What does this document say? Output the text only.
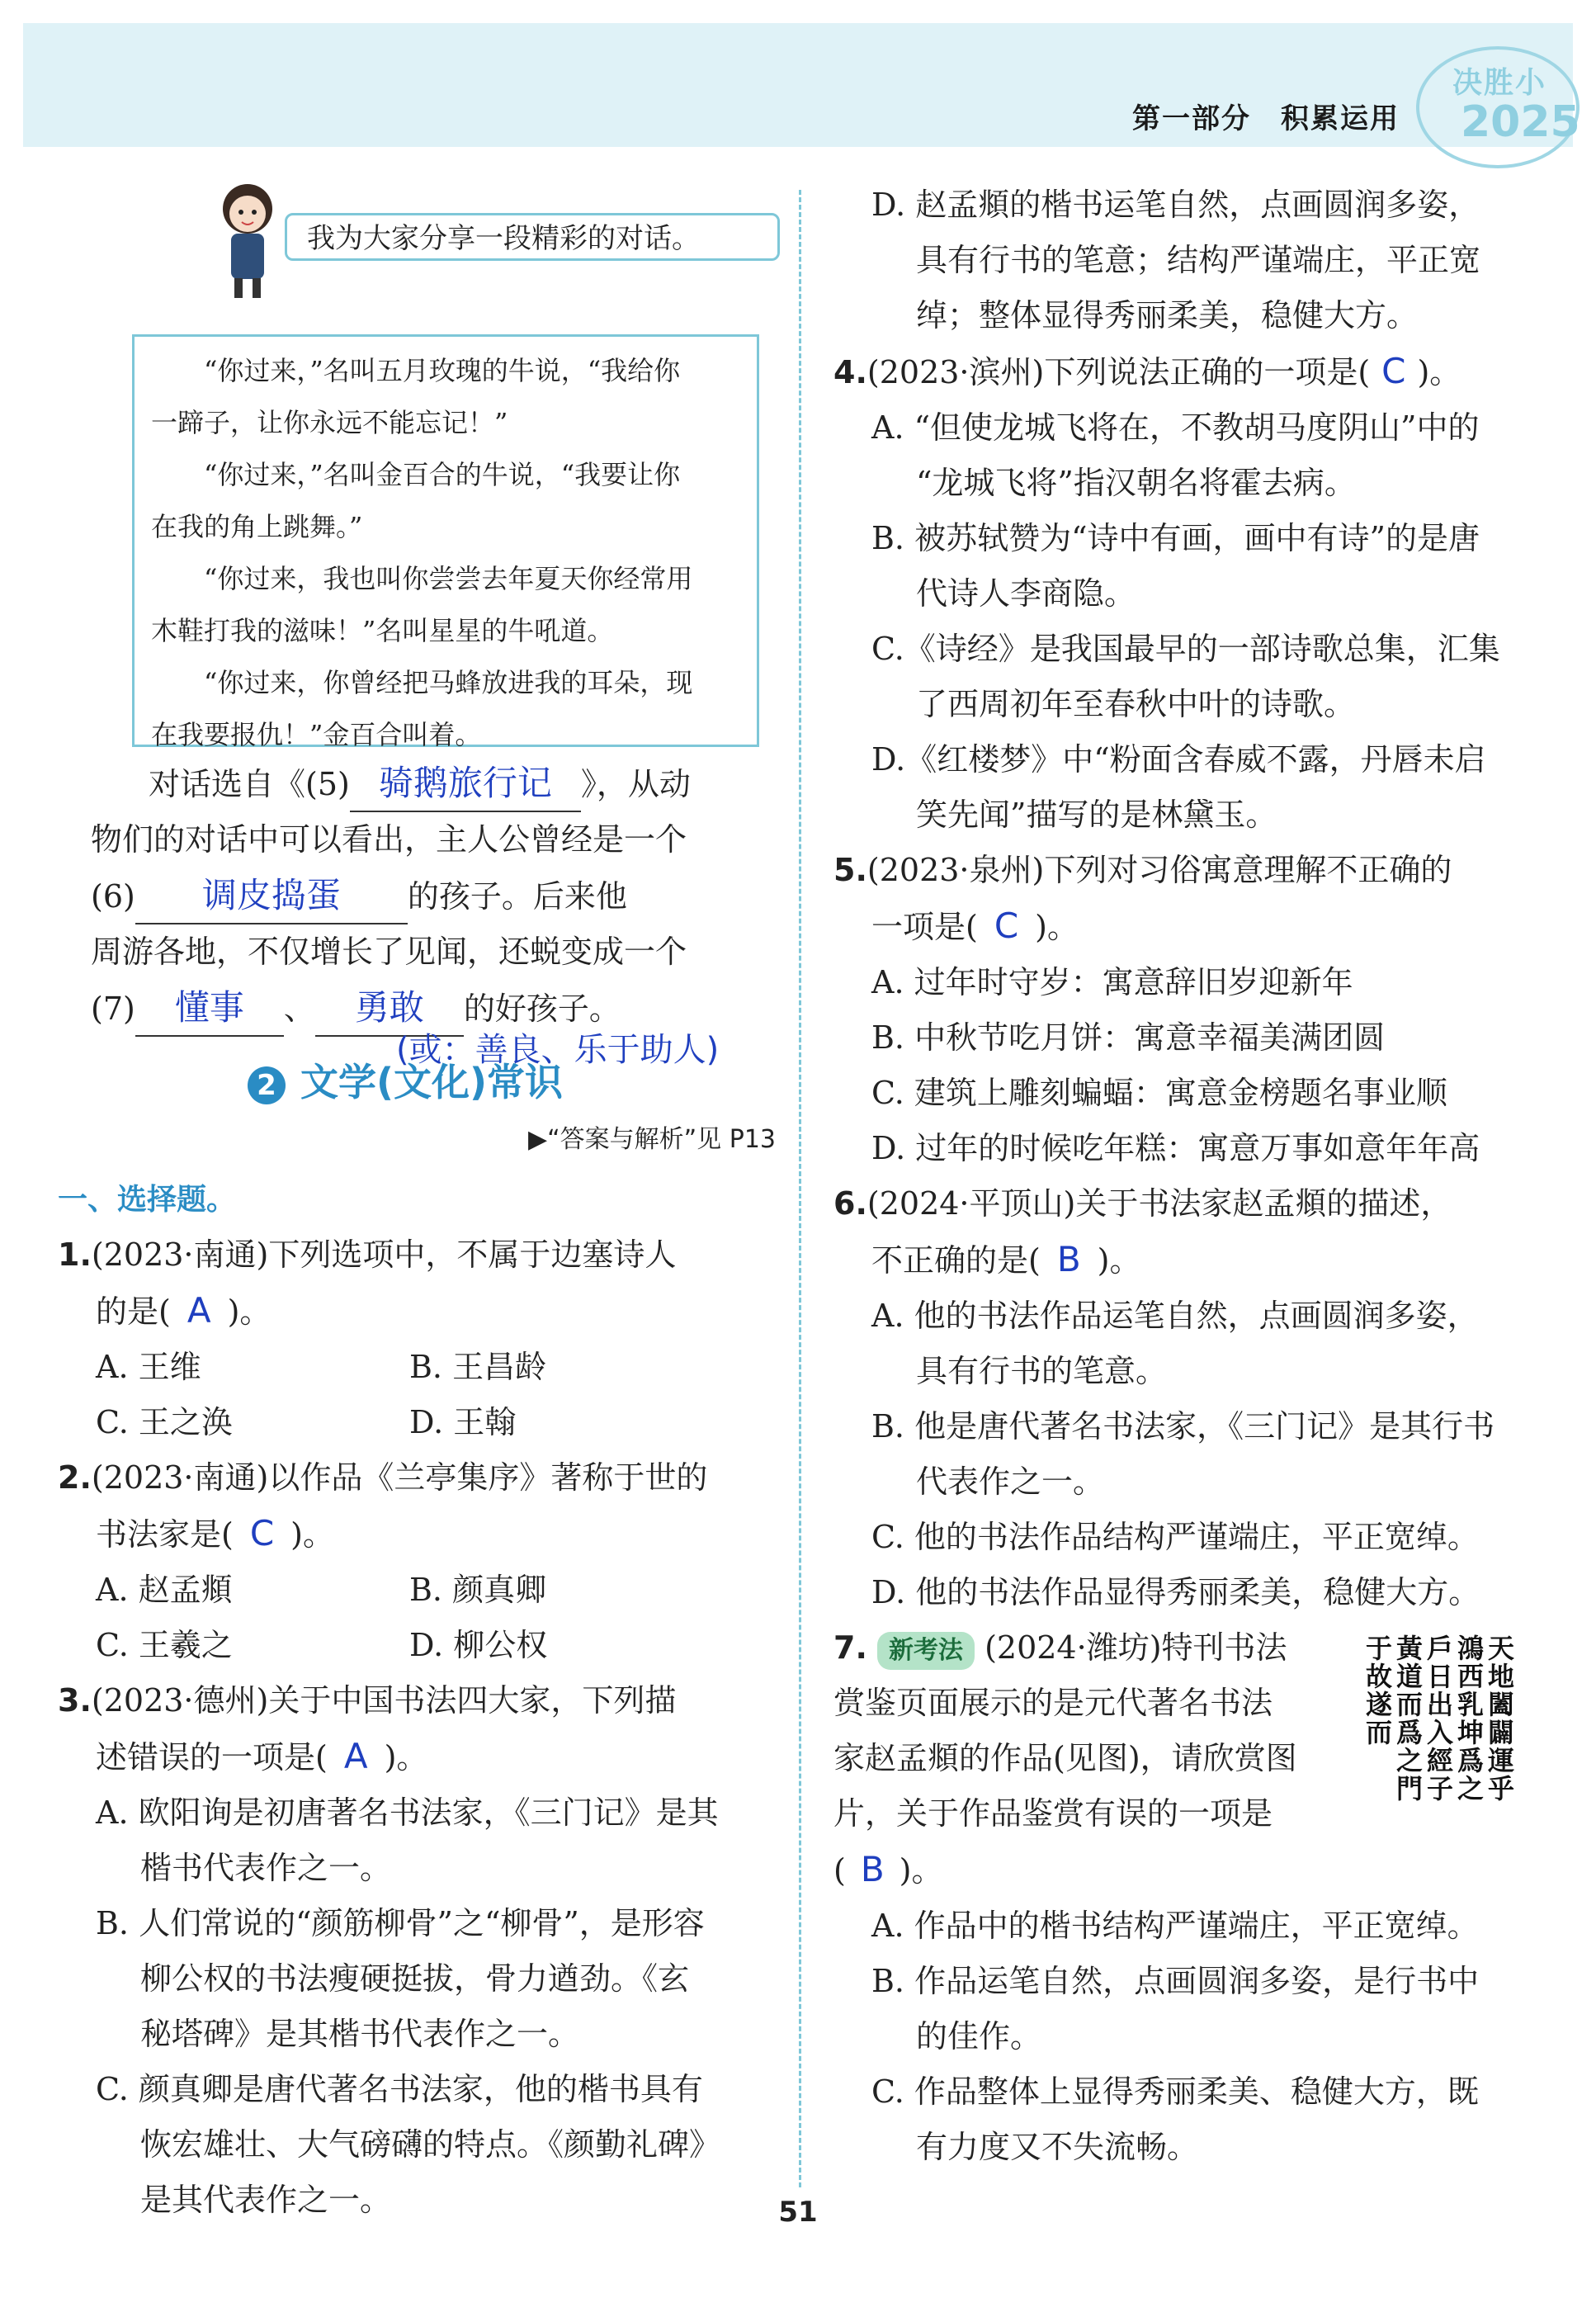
第一部分　积累运用
决胜小
2025
我为大家分享一段精彩的对话。

“你过来，”名叫五月玫瑰的牛说，“我给你

一蹄子，让你永远不能忘记！”

“你过来，”名叫金百合的牛说，“我要让你

在我的角上跳舞。”

“你过来，我也叫你尝尝去年夏天你经常用

木鞋打我的滋味！”名叫星星的牛吼道。

“你过来，你曾经把马蜂放进我的耳朵，现

在我要报仇！”金百合叫着。

对话选自《(5) 骑鹅旅行记 》，从动
物们的对话中可以看出，主人公曾经是一个
(6) 调皮捣蛋 的孩子。后来他
周游各地，不仅增长了见闻，还蜕变成一个
(7) 懂事 、 勇敢 的好孩子。
(或：善良、乐于助人)
2 文学(文化)常识
▶“答案与解析”见 P13
一、选择题。
1.(2023·南通)下列选项中，不属于边塞诗人
的是( A )。
A. 王维	B. 王昌龄
C. 王之涣	D. 王翰
2.(2023·南通)以作品《兰亭集序》著称于世的
书法家是( C )。
A. 赵孟頫	B. 颜真卿
C. 王羲之	D. 柳公权
3.(2023·德州)关于中国书法四大家，下列描
述错误的一项是( A )。
A. 欧阳询是初唐著名书法家，《三门记》是其
楷书代表作之一。
B. 人们常说的“颜筋柳骨”之“柳骨”，是形容
柳公权的书法瘦硬挺拔，骨力遒劲。《玄
秘塔碑》是其楷书代表作之一。
C. 颜真卿是唐代著名书法家，他的楷书具有
恢宏雄壮、大气磅礴的特点。《颜勤礼碑》
是其代表作之一。
D. 赵孟頫的楷书运笔自然，点画圆润多姿，
具有行书的笔意；结构严谨端庄，平正宽
绰；整体显得秀丽柔美，稳健大方。
4.(2023·滨州)下列说法正确的一项是( C )。
A. “但使龙城飞将在，不教胡马度阴山”中的
“龙城飞将”指汉朝名将霍去病。
B. 被苏轼赞为“诗中有画，画中有诗”的是唐
代诗人李商隐。
C.《诗经》是我国最早的一部诗歌总集，汇集
了西周初年至春秋中叶的诗歌。
D.《红楼梦》中“粉面含春威不露，丹唇未启
笑先闻”描写的是林黛玉。
5.(2023·泉州)下列对习俗寓意理解不正确的
一项是( C )。
A. 过年时守岁：寓意辞旧岁迎新年
B. 中秋节吃月饼：寓意幸福美满团圆
C. 建筑上雕刻蝙蝠：寓意金榜题名事业顺
D. 过年的时候吃年糕：寓意万事如意年年高
6.(2024·平顶山)关于书法家赵孟頫的描述，
不正确的是( B )。
A. 他的书法作品运笔自然，点画圆润多姿，
具有行书的笔意。
B. 他是唐代著名书法家，《三门记》是其行书
代表作之一。
C. 他的书法作品结构严谨端庄，平正宽绰。
D. 他的书法作品显得秀丽柔美，稳健大方。
7. 新考法 (2024·潍坊)特刊书法
赏鉴页面展示的是元代著名书法
家赵孟頫的作品(见图)，请欣赏图
片，关于作品鉴赏有误的一项是
( B )。
A. 作品中的楷书结构严谨端庄，平正宽绰。
B. 作品运笔自然，点画圆润多姿，是行书中
的佳作。
C. 作品整体上显得秀丽柔美、稳健大方，既
有力度又不失流畅。
天地闔闢運乎鴻西乳坤爲之戶日出入經子黃道而爲之門于故遂而
51
